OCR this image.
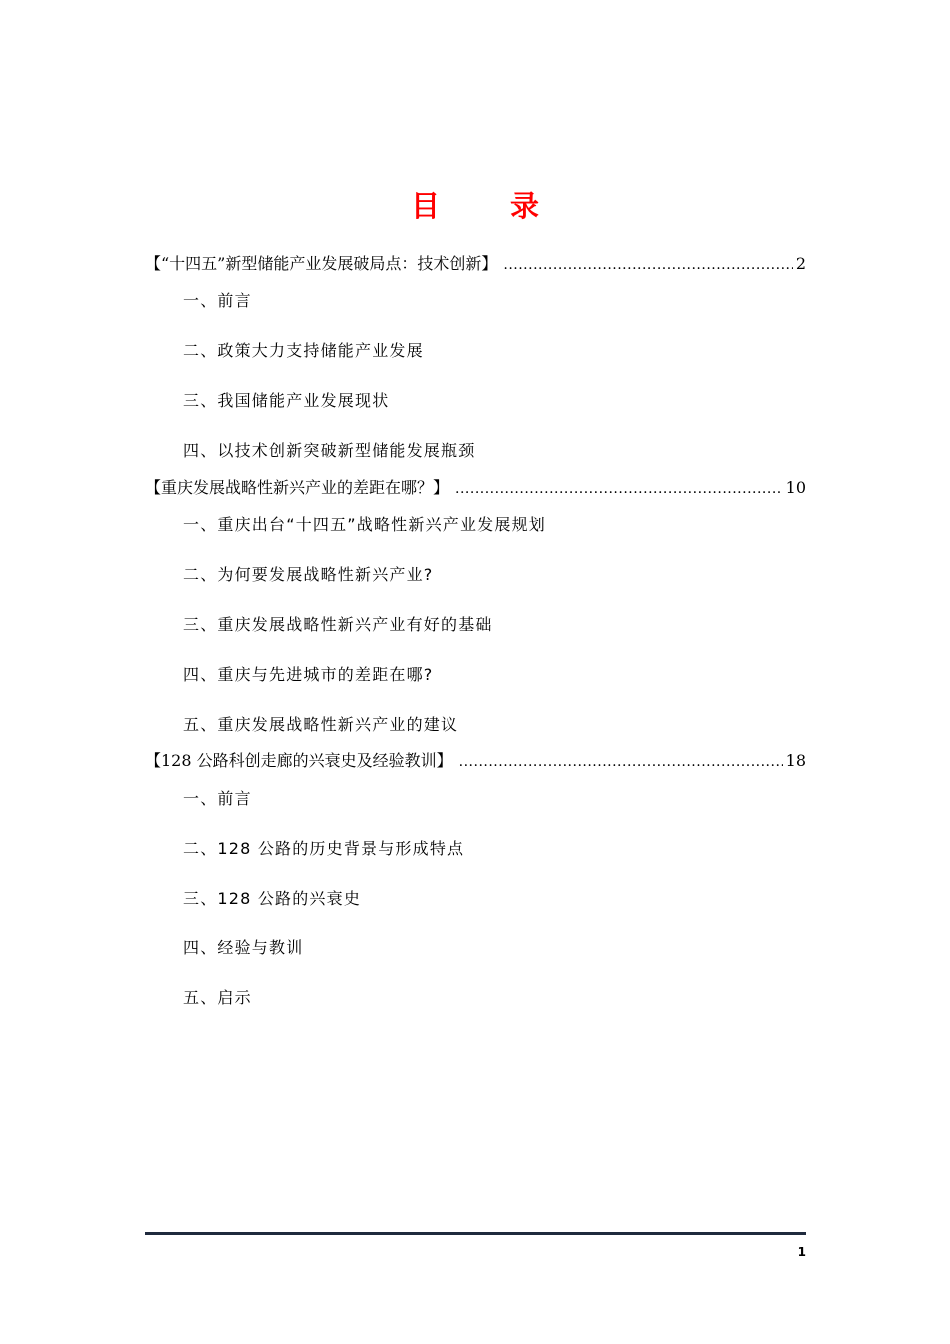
目 录
【“十四五”新型储能产业发展破局点：技术创新】 .....	2
一、前言
二、政策大力支持储能产业发展
三、我国储能产业发展现状
四、以技术创新突破新型储能发展瓶颈
【重庆发展战略性新兴产业的差距在哪？】 .....	10
一、重庆出台“十四五”战略性新兴产业发展规划
二、为何要发展战略性新兴产业?
三、重庆发展战略性新兴产业有好的基础
四、重庆与先进城市的差距在哪?
五、重庆发展战略性新兴产业的建议
【128 公路科创走廊的兴衰史及经验教训】 .....	18
一、前言
二、128 公路的历史背景与形成特点
三、128 公路的兴衰史
四、经验与教训
五、启示
1
